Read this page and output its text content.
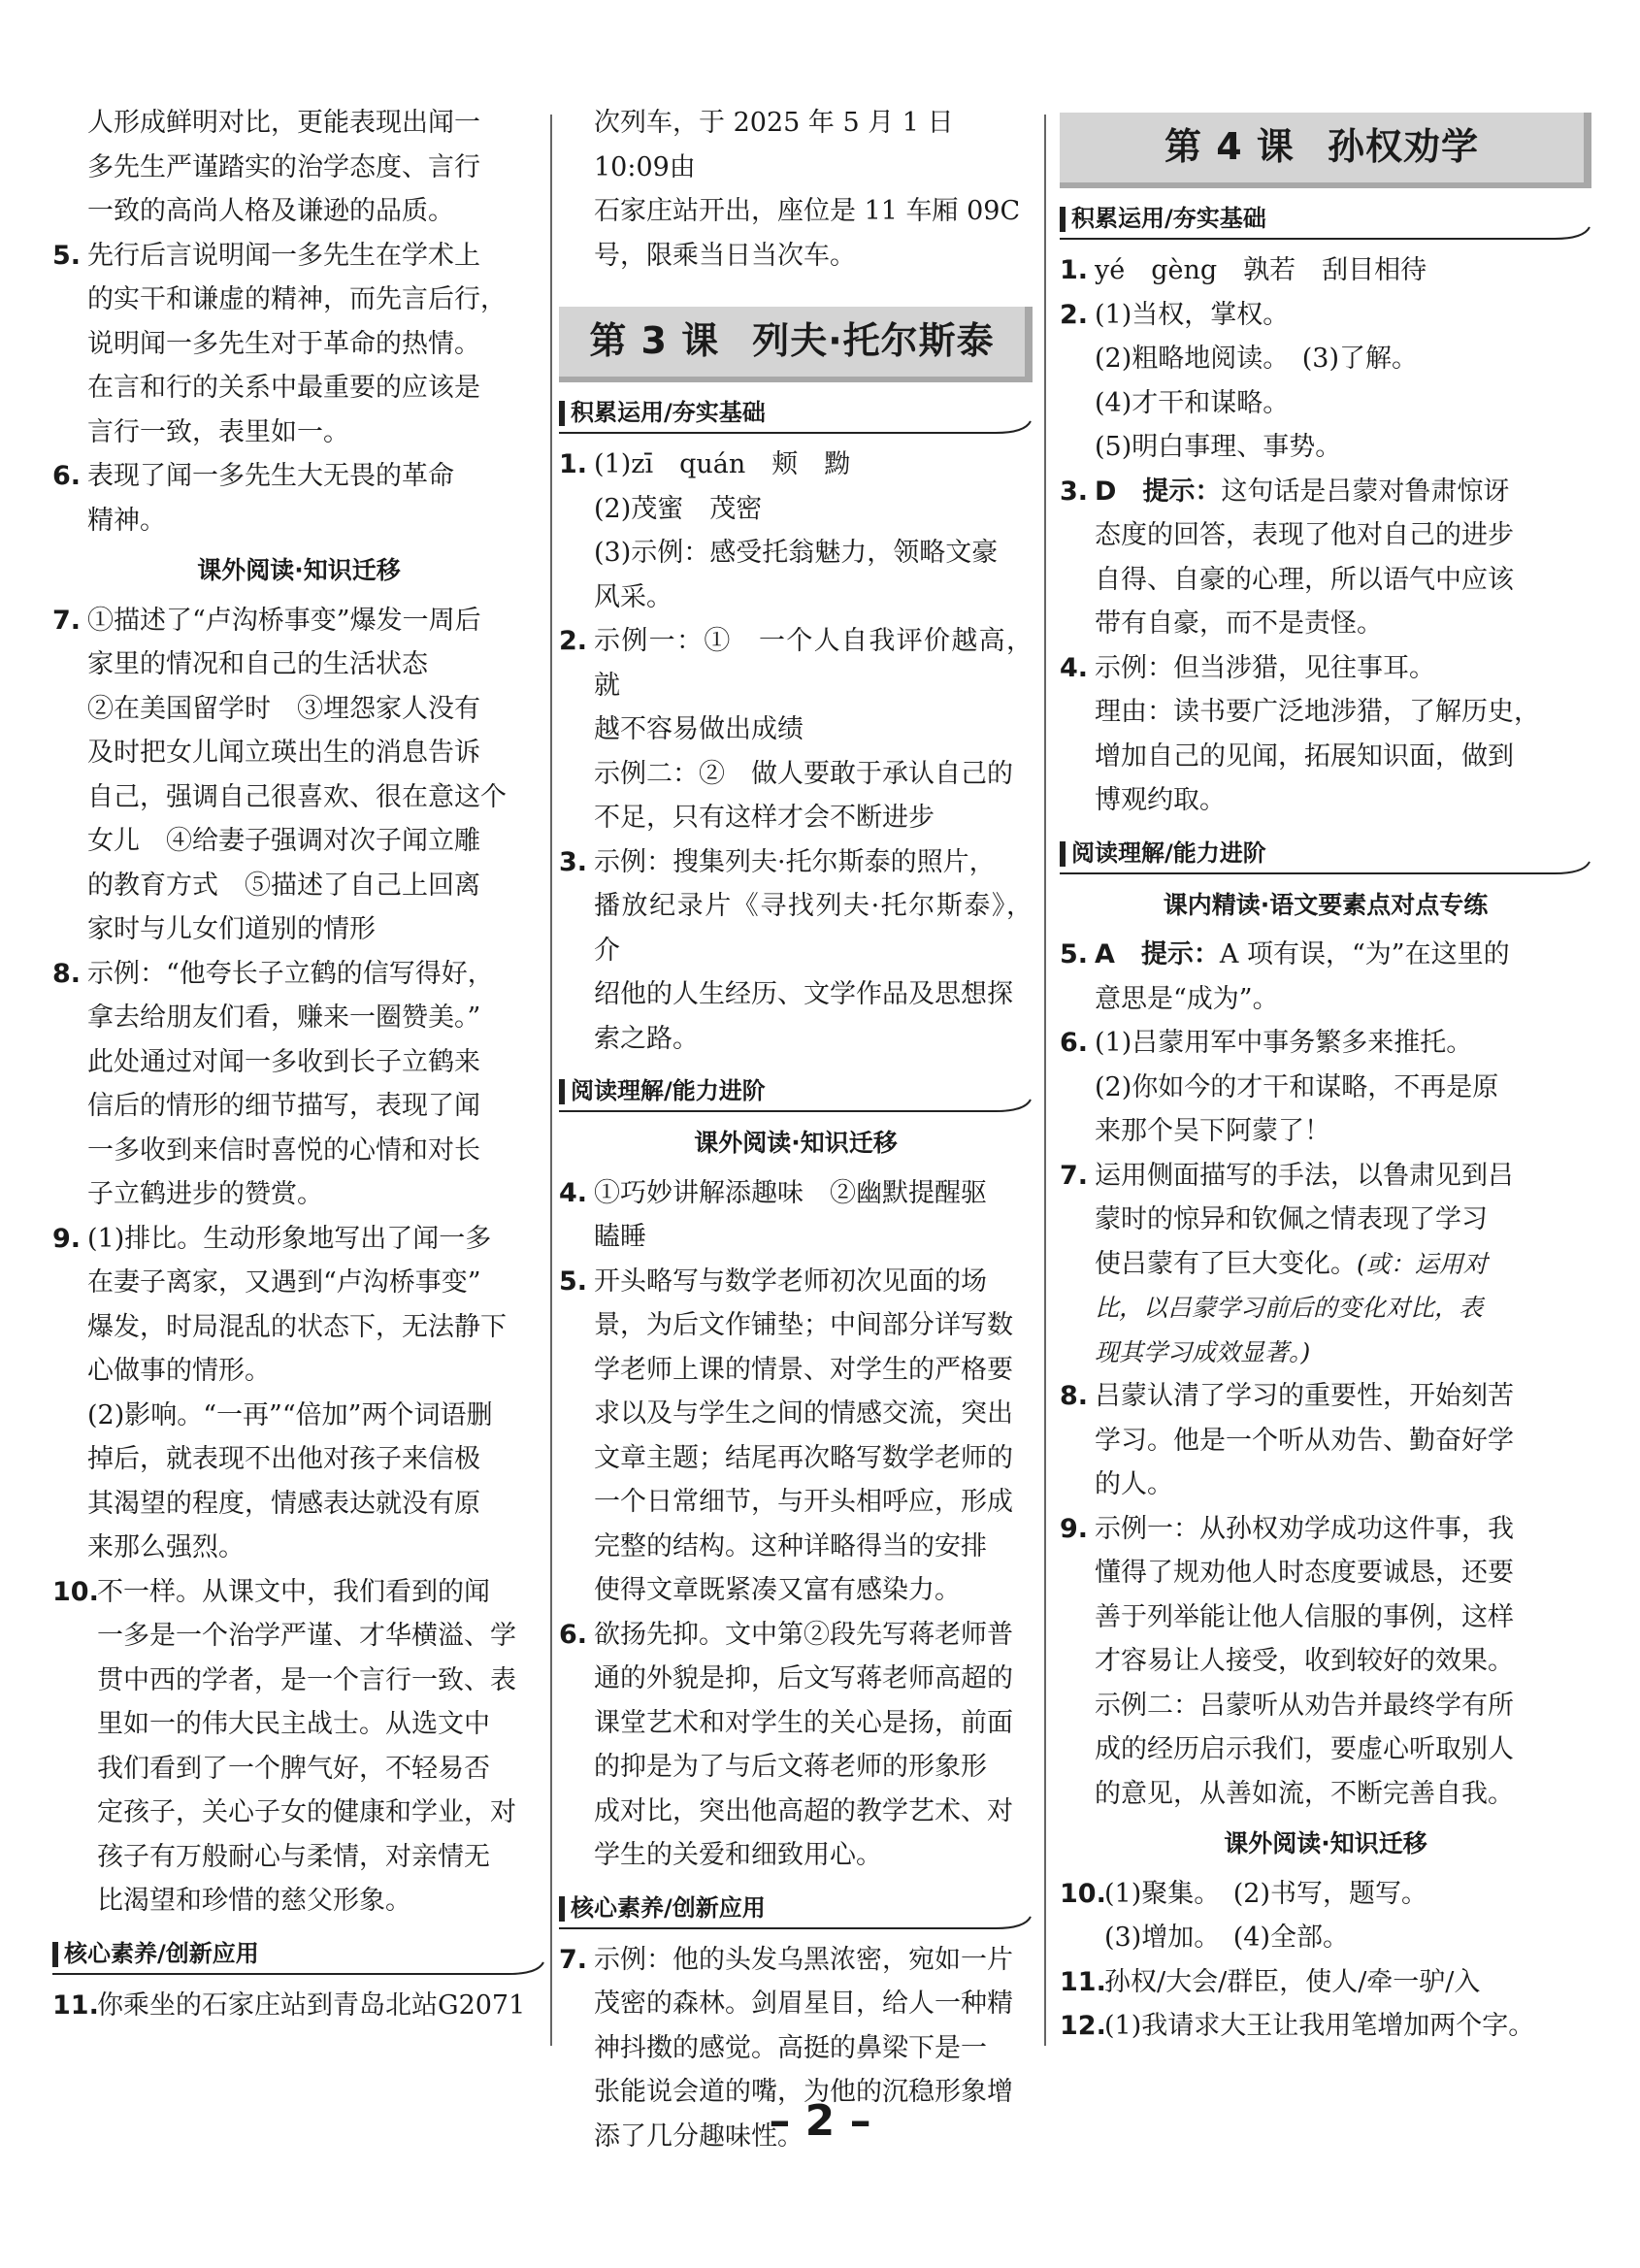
人形成鲜明对比，更能表现出闻一
多先生严谨踏实的治学态度、言行
一致的高尚人格及谦逊的品质。
5. 先行后言说明闻一多先生在学术上
的实干和谦虚的精神，而先言后行，
说明闻一多先生对于革命的热情。
在言和行的关系中最重要的应该是
言行一致，表里如一。
6. 表现了闻一多先生大无畏的革命
精神。
课外阅读·知识迁移
7. ①描述了“卢沟桥事变”爆发一周后
家里的情况和自己的生活状态
②在美国留学时　③埋怨家人没有
及时把女儿闻立瑛出生的消息告诉
自己，强调自己很喜欢、很在意这个
女儿　④给妻子强调对次子闻立雕
的教育方式　⑤描述了自己上回离
家时与儿女们道别的情形
8. 示例：“他夸长子立鹤的信写得好，
拿去给朋友们看，赚来一圈赞美。”
此处通过对闻一多收到长子立鹤来
信后的情形的细节描写，表现了闻
一多收到来信时喜悦的心情和对长
子立鹤进步的赞赏。
9. (1)排比。生动形象地写出了闻一多
在妻子离家，又遇到“卢沟桥事变”
爆发，时局混乱的状态下，无法静下
心做事的情形。
(2)影响。“一再”“倍加”两个词语删
掉后，就表现不出他对孩子来信极
其渴望的程度，情感表达就没有原
来那么强烈。
10.
不一样。从课文中，我们看到的闻
一多是一个治学严谨、才华横溢、学
贯中西的学者，是一个言行一致、表
里如一的伟大民主战士。从选文中
我们看到了一个脾气好，不轻易否
定孩子，关心子女的健康和学业，对
孩子有万般耐心与柔情，对亲情无
比渴望和珍惜的慈父形象。
核心素养/创新应用
11.
你乘坐的石家庄站到青岛北站G2071
次列车，于 2025 年 5 月 1 日 10:09由
石家庄站开出，座位是 11 车厢 09C
号，限乘当日当次车。
第 3 课 列夫·托尔斯泰
积累运用/夯实基础
1. (1)zī　quán　颊　黝
(2)茂蜜　茂密
(3)示例：感受托翁魅力，领略文豪
风采。
2. 示例一：①　一个人自我评价越高，就
越不容易做出成绩
示例二：②　做人要敢于承认自己的
不足，只有这样才会不断进步
3. 示例：搜集列夫·托尔斯泰的照片，
播放纪录片《寻找列夫·托尔斯泰》，介
绍他的人生经历、文学作品及思想探
索之路。
阅读理解/能力进阶
课外阅读·知识迁移
4. ①巧妙讲解添趣味　②幽默提醒驱
瞌睡
5. 开头略写与数学老师初次见面的场
景，为后文作铺垫；中间部分详写数
学老师上课的情景、对学生的严格要
求以及与学生之间的情感交流，突出
文章主题；结尾再次略写数学老师的
一个日常细节，与开头相呼应，形成
完整的结构。这种详略得当的安排
使得文章既紧凑又富有感染力。
6. 欲扬先抑。文中第②段先写蒋老师普
通的外貌是抑，后文写蒋老师高超的
课堂艺术和对学生的关心是扬，前面
的抑是为了与后文蒋老师的形象形
成对比，突出他高超的教学艺术、对
学生的关爱和细致用心。
核心素养/创新应用
7. 示例：他的头发乌黑浓密，宛如一片
茂密的森林。剑眉星目，给人一种精
神抖擞的感觉。高挺的鼻梁下是一
张能说会道的嘴，为他的沉稳形象增
添了几分趣味性。
第 4 课 孙权劝学
积累运用/夯实基础
1. yé　gèng　孰若　刮目相待
2. (1)当权，掌权。
(2)粗略地阅读。　(3)了解。
(4)才干和谋略。
(5)明白事理、事势。
3. D　 提示：这句话是吕蒙对鲁肃惊讶
态度的回答，表现了他对自己的进步
自得、自豪的心理，所以语气中应该
带有自豪，而不是责怪。
4. 示例：但当涉猎，见往事耳。
理由：读书要广泛地涉猎，了解历史，
增加自己的见闻，拓展知识面，做到
博观约取。
阅读理解/能力进阶
课内精读·语文要素点对点专练
5. A　 提示：A 项有误，“为”在这里的
意思是“成为”。
6. (1)吕蒙用军中事务繁多来推托。
(2)你如今的才干和谋略，不再是原
来那个吴下阿蒙了！
7. 运用侧面描写的手法，以鲁肃见到吕
蒙时的惊异和钦佩之情表现了学习
使吕蒙有了巨大变化。(或：运用对
比，以吕蒙学习前后的变化对比，表
现其学习成效显著。)
8. 吕蒙认清了学习的重要性，开始刻苦
学习。他是一个听从劝告、勤奋好学
的人。
9. 示例一：从孙权劝学成功这件事，我
懂得了规劝他人时态度要诚恳，还要
善于列举能让他人信服的事例，这样
才容易让人接受，收到较好的效果。
示例二：吕蒙听从劝告并最终学有所
成的经历启示我们，要虚心听取别人
的意见，从善如流，不断完善自我。
课外阅读·知识迁移
10.
(1)聚集。　(2)书写，题写。
(3)增加。　(4)全部。
11.
孙权/大会/群臣，使人/牵一驴/入
12.
(1)我请求大王让我用笔增加两个字。
– 2 –
